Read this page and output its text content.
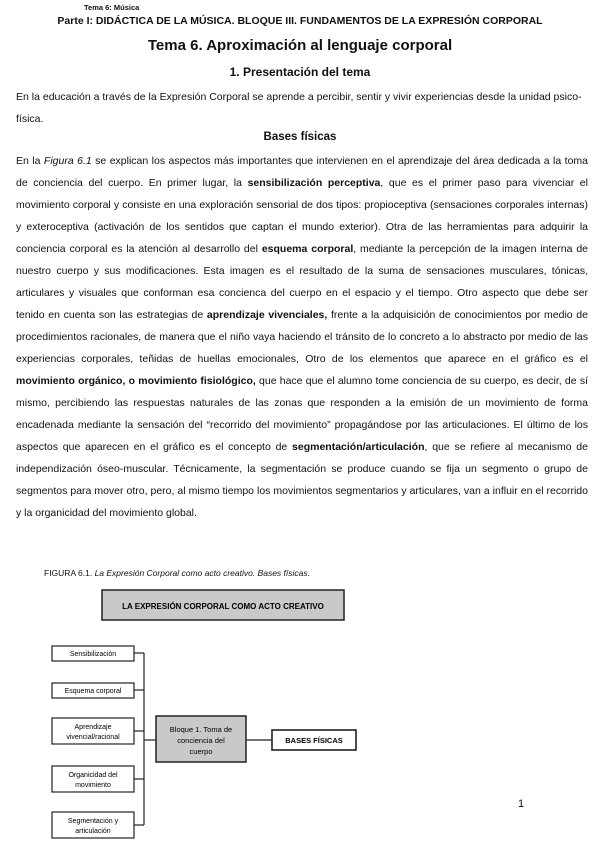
Tema 6: Música
Parte I: DIDÁCTICA DE LA MÚSICA. BLOQUE III. FUNDAMENTOS DE LA EXPRESIÓN CORPORAL
Tema 6. Aproximación al lenguaje corporal
1. Presentación del tema
En la educación a través de la Expresión Corporal se aprende a percibir, sentir y vivir experiencias desde la unidad psico-física.
Bases físicas
En la Figura 6.1 se explican los aspectos más importantes que intervienen en el aprendizaje del área dedicada a la toma de conciencia del cuerpo. En primer lugar, la sensibilización perceptiva, que es el primer paso para vivenciar el movimiento corporal y consiste en una exploración sensorial de dos tipos: propioceptiva (sensaciones corporales internas) y exteroceptiva (activación de los sentidos que captan el mundo exterior). Otra de las herramientas para adquirir la conciencia corporal es la atención al desarrollo del esquema corporal, mediante la percepción de la imagen interna de nuestro cuerpo y sus modificaciones. Esta imagen es el resultado de la suma de sensaciones musculares, tónicas, articulares y visuales que conforman esa concienca del cuerpo en el espacio y el tiempo. Otro aspecto que debe ser tenido en cuenta son las estrategias de aprendizaje vivenciales, frente a la adquisición de conocimientos por medio de procedimientos racionales, de manera que el niño vaya haciendo el tránsito de lo concreto a lo abstracto por medio de las experiencias corporales, teñidas de huellas emocionales, Otro de los elementos que aparece en el gráfico es el movimiento orgánico, o movimiento fisiológico, que hace que el alumno tome conciencia de su cuerpo, es decir, de sí mismo, percibiendo las respuestas naturales de las zonas que responden a la emisión de un movimiento de forma encadenada mediante la sensación del “recorrido del movimiento” propagándose por las articulaciones. El último de los aspectos que aparecen en el gráfico es el concepto de segmentación/articulación, que se refiere al mecanismo de independización óseo-muscular. Técnicamente, la segmentación se produce cuando se fija un segmento o grupo de segmentos para mover otro, pero, al mismo tiempo los movimientos segmentarios y articulares, van a influir en el recorrido y la organicidad del movimiento global.
FIGURA 6.1. La Expresión Corporal como acto creativo. Bases físicas.
LA EXPRESIÓN CORPORAL COMO ACTO CREATIVO
Sensibilización
Esquema corporal
Aprendizaje
vivencial/racional
Organicidad del
movimiento
Segmentación y
articulación
Bloque 1. Toma de
conciencia del
cuerpo
BASES FÍSICAS
1
